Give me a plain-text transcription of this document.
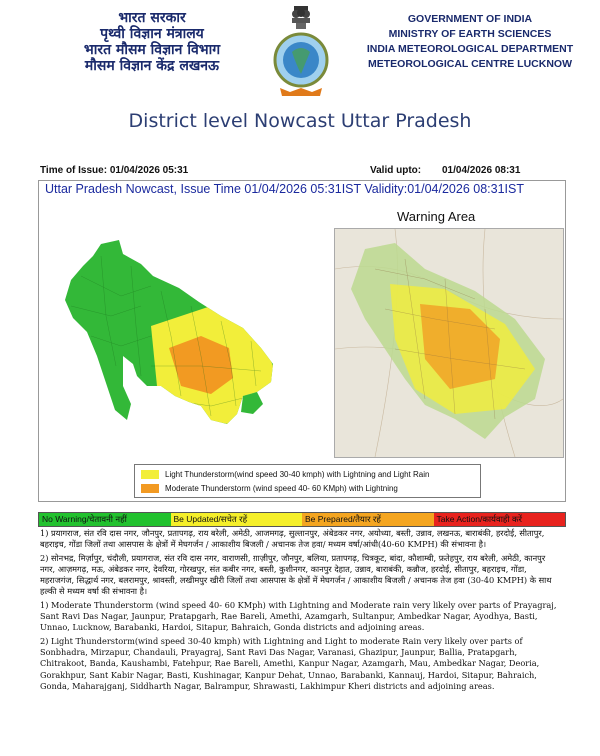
भारत सरकार
पृथ्वी विज्ञान मंत्रालय
भारत मौसम विज्ञान विभाग
मौसम विज्ञान केंद्र लखनऊ
GOVERNMENT OF INDIA
MINISTRY OF EARTH SCIENCES
INDIA METEOROLOGICAL DEPARTMENT
METEOROLOGICAL CENTRE LUCKNOW
District level Nowcast Uttar Pradesh
Time of Issue: 01/04/2026 05:31	Valid upto: 01/04/2026 08:31
Uttar Pradesh Nowcast, Issue Time 01/04/2026 05:31IST Validity:01/04/2026 08:31IST
Warning Area
Light Thunderstorm(wind speed 30-40 kmph) with Lightning and Light Rain
Moderate Thunderstorm (wind speed 40- 60 KMph) with Lightning
No Warning/चेतावनी नहीं	Be Updated/सचेत रहें	Be Prepared/तैयार रहें	Take Action/कार्यवाही करें

1) प्रयागराज, संत रवि दास नगर, जौनपुर, प्रतापगढ़, राय बरेली, अमेठी, आजमगढ़, सुल्तानपुर, अंबेडकर नगर, अयोध्या, बस्ती, उन्नाव, लखनऊ, बाराबंकी, हरदोई, सीतापुर, बहराइच, गोंडा जिलों तथा आसपास के क्षेत्रों में मेघगर्जन / आकाशीय बिजली / अचानक तेज हवा/ मध्यम वर्षा/आंधी(40-60 KMPH) की संभावना है।

2) सोनभद्र, मिर्ज़ापुर, चंदौली, प्रयागराज, संत रवि दास नगर, वाराणसी, ग़ाज़ीपुर, जौनपुर, बलिया, प्रतापगढ़, चित्रकूट, बांदा, कौशाम्बी, फ़तेहपुर, राय बरेली, अमेठी, कानपुर नगर, आज़मगढ़, मऊ, अंबेडकर नगर, देवरिया, गोरखपुर, संत कबीर नगर, बस्ती, कुशीनगर, कानपुर देहात, उन्नाव, बाराबंकी, कन्नौज, हरदोई, सीतापुर, बहराइच, गोंडा, महराजगंज, सिद्धार्थ नगर, बलरामपुर, श्रावस्ती, लखीमपुर खीरी जिलों तथा आसपास के क्षेत्रों में मेघगर्जन / आकाशीय बिजली / अचानक तेज हवा (30-40 KMPH) के साथ हल्की से मध्यम वर्षा की संभावना है।

1) Moderate Thunderstorm (wind speed 40- 60 KMph) with Lightning and Moderate rain very likely over parts of Prayagraj, Sant Ravi Das Nagar, Jaunpur, Pratapgarh, Rae Bareli, Amethi, Azamgarh, Sultanpur, Ambedkar Nagar, Ayodhya, Basti, Unnao, Lucknow, Barabanki, Hardoi, Sitapur, Bahraich, Gonda districts and adjoining areas.

2) Light Thunderstorm(wind speed 30-40 kmph) with Lightning and Light to moderate Rain very likely over parts of Sonbhadra, Mirzapur, Chandauli, Prayagraj, Sant Ravi Das Nagar, Varanasi, Ghazipur, Jaunpur, Ballia, Pratapgarh, Chitrakoot, Banda, Kaushambi, Fatehpur, Rae Bareli, Amethi, Kanpur Nagar, Azamgarh, Mau, Ambedkar Nagar, Deoria, Gorakhpur, Sant Kabir Nagar, Basti, Kushinagar, Kanpur Dehat, Unnao, Barabanki, Kannauj, Hardoi, Sitapur, Bahraich, Gonda, Maharajganj, Siddharth Nagar, Balrampur, Shrawasti, Lakhimpur Kheri districts and adjoining areas.
